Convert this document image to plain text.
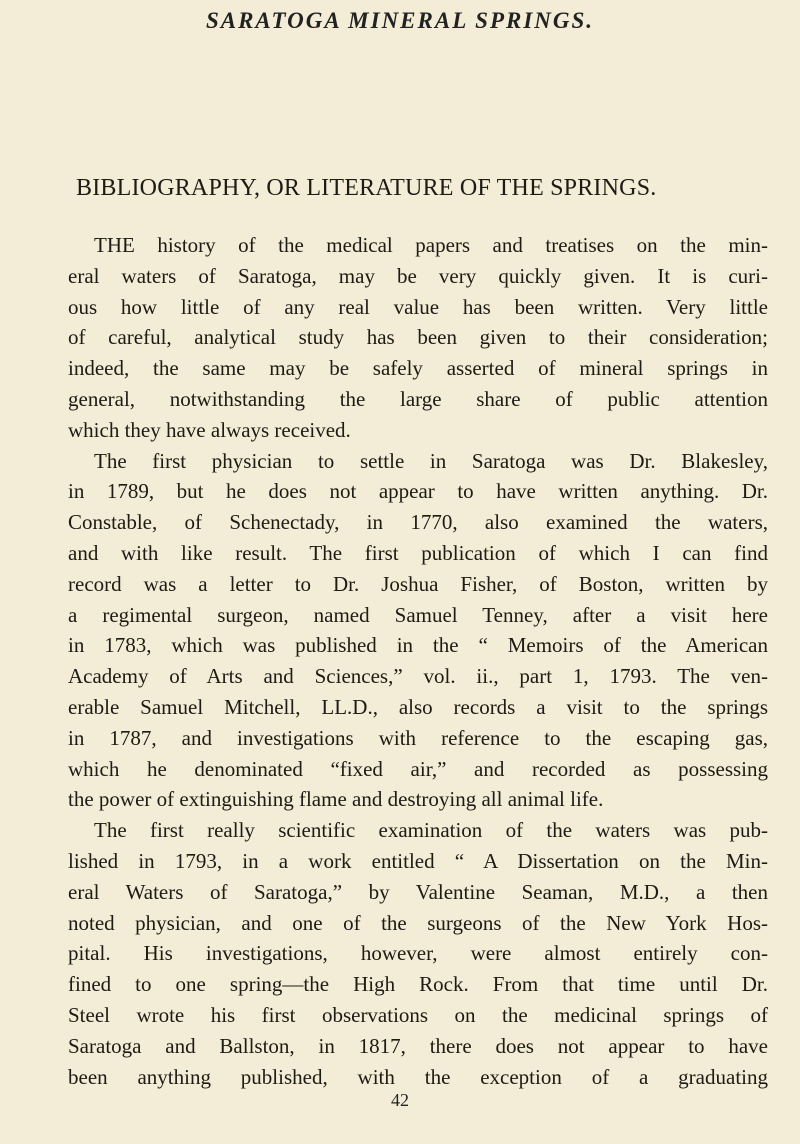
SARATOGA MINERAL SPRINGS.
BIBLIOGRAPHY, OR LITERATURE OF THE SPRINGS.
THE history of the medical papers and treatises on the min-
eral waters of Saratoga, may be very quickly given. It is curi-
ous how little of any real value has been written. Very little
of careful, analytical study has been given to their consideration;
indeed, the same may be safely asserted of mineral springs in
general, notwithstanding the large share of public attention
which they have always received.
The first physician to settle in Saratoga was Dr. Blakesley,
in 1789, but he does not appear to have written anything. Dr.
Constable, of Schenectady, in 1770, also examined the waters,
and with like result. The first publication of which I can find
record was a letter to Dr. Joshua Fisher, of Boston, written by
a regimental surgeon, named Samuel Tenney, after a visit here
in 1783, which was published in the “ Memoirs of the American
Academy of Arts and Sciences,” vol. ii., part 1, 1793. The ven-
erable Samuel Mitchell, LL.D., also records a visit to the springs
in 1787, and investigations with reference to the escaping gas,
which he denominated “fixed air,” and recorded as possessing
the power of extinguishing flame and destroying all animal life.
The first really scientific examination of the waters was pub-
lished in 1793, in a work entitled “ A Dissertation on the Min-
eral Waters of Saratoga,” by Valentine Seaman, M.D., a then
noted physician, and one of the surgeons of the New York Hos-
pital. His investigations, however, were almost entirely con-
fined to one spring—the High Rock. From that time until Dr.
Steel wrote his first observations on the medicinal springs of
Saratoga and Ballston, in 1817, there does not appear to have
been anything published, with the exception of a graduating
42
